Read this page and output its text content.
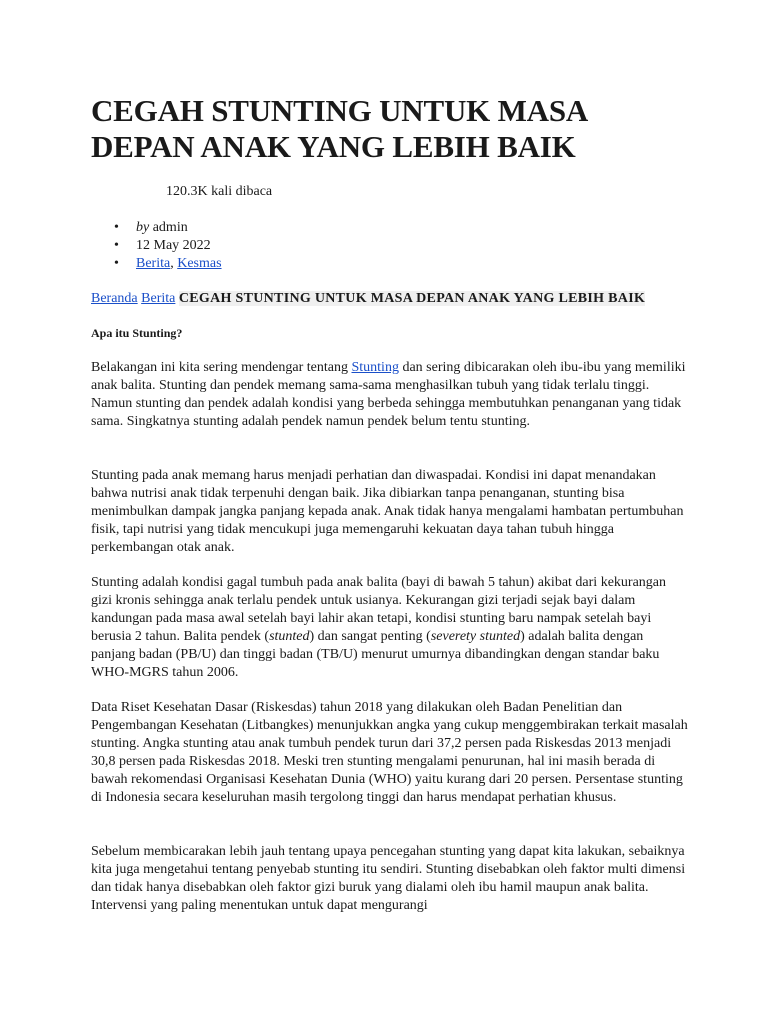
CEGAH STUNTING UNTUK MASA DEPAN ANAK YANG LEBIH BAIK
120.3K kali dibaca
• by admin
• 12 May 2022
• Berita, Kesmas
Beranda Berita CEGAH STUNTING UNTUK MASA DEPAN ANAK YANG LEBIH BAIK
Apa itu Stunting?

Belakangan ini kita sering mendengar tentang Stunting dan sering dibicarakan oleh ibu-ibu yang memiliki anak balita. Stunting dan pendek memang sama-sama menghasilkan tubuh yang tidak terlalu tinggi. Namun stunting dan pendek adalah kondisi yang berbeda sehingga membutuhkan penanganan yang tidak sama. Singkatnya stunting adalah pendek namun pendek belum tentu stunting.

Stunting pada anak memang harus menjadi perhatian dan diwaspadai. Kondisi ini dapat menandakan bahwa nutrisi anak tidak terpenuhi dengan baik. Jika dibiarkan tanpa penanganan, stunting bisa menimbulkan dampak jangka panjang kepada anak. Anak tidak hanya mengalami hambatan pertumbuhan fisik, tapi nutrisi yang tidak mencukupi juga memengaruhi kekuatan daya tahan tubuh hingga perkembangan otak anak.

Stunting adalah kondisi gagal tumbuh pada anak balita (bayi di bawah 5 tahun) akibat dari kekurangan gizi kronis sehingga anak terlalu pendek untuk usianya. Kekurangan gizi terjadi sejak bayi dalam kandungan pada masa awal setelah bayi lahir akan tetapi, kondisi stunting baru nampak setelah bayi berusia 2 tahun. Balita pendek (stunted) dan sangat penting (severety stunted) adalah balita dengan panjang badan (PB/U) dan tinggi badan (TB/U) menurut umurnya dibandingkan dengan standar baku WHO-MGRS tahun 2006.

Data Riset Kesehatan Dasar (Riskesdas) tahun 2018 yang dilakukan oleh Badan Penelitian dan Pengembangan Kesehatan (Litbangkes) menunjukkan angka yang cukup menggembirakan terkait masalah stunting. Angka stunting atau anak tumbuh pendek turun dari 37,2 persen pada Riskesdas 2013 menjadi 30,8 persen pada Riskesdas 2018. Meski tren stunting mengalami penurunan, hal ini masih berada di bawah rekomendasi Organisasi Kesehatan Dunia (WHO) yaitu kurang dari 20 persen. Persentase stunting di Indonesia secara keseluruhan masih tergolong tinggi dan harus mendapat perhatian khusus.

Sebelum membicarakan lebih jauh tentang upaya pencegahan stunting yang dapat kita lakukan, sebaiknya kita juga mengetahui tentang penyebab stunting itu sendiri. Stunting disebabkan oleh faktor multi dimensi dan tidak hanya disebabkan oleh faktor gizi buruk yang dialami oleh ibu hamil maupun anak balita. Intervensi yang paling menentukan untuk dapat mengurangi
